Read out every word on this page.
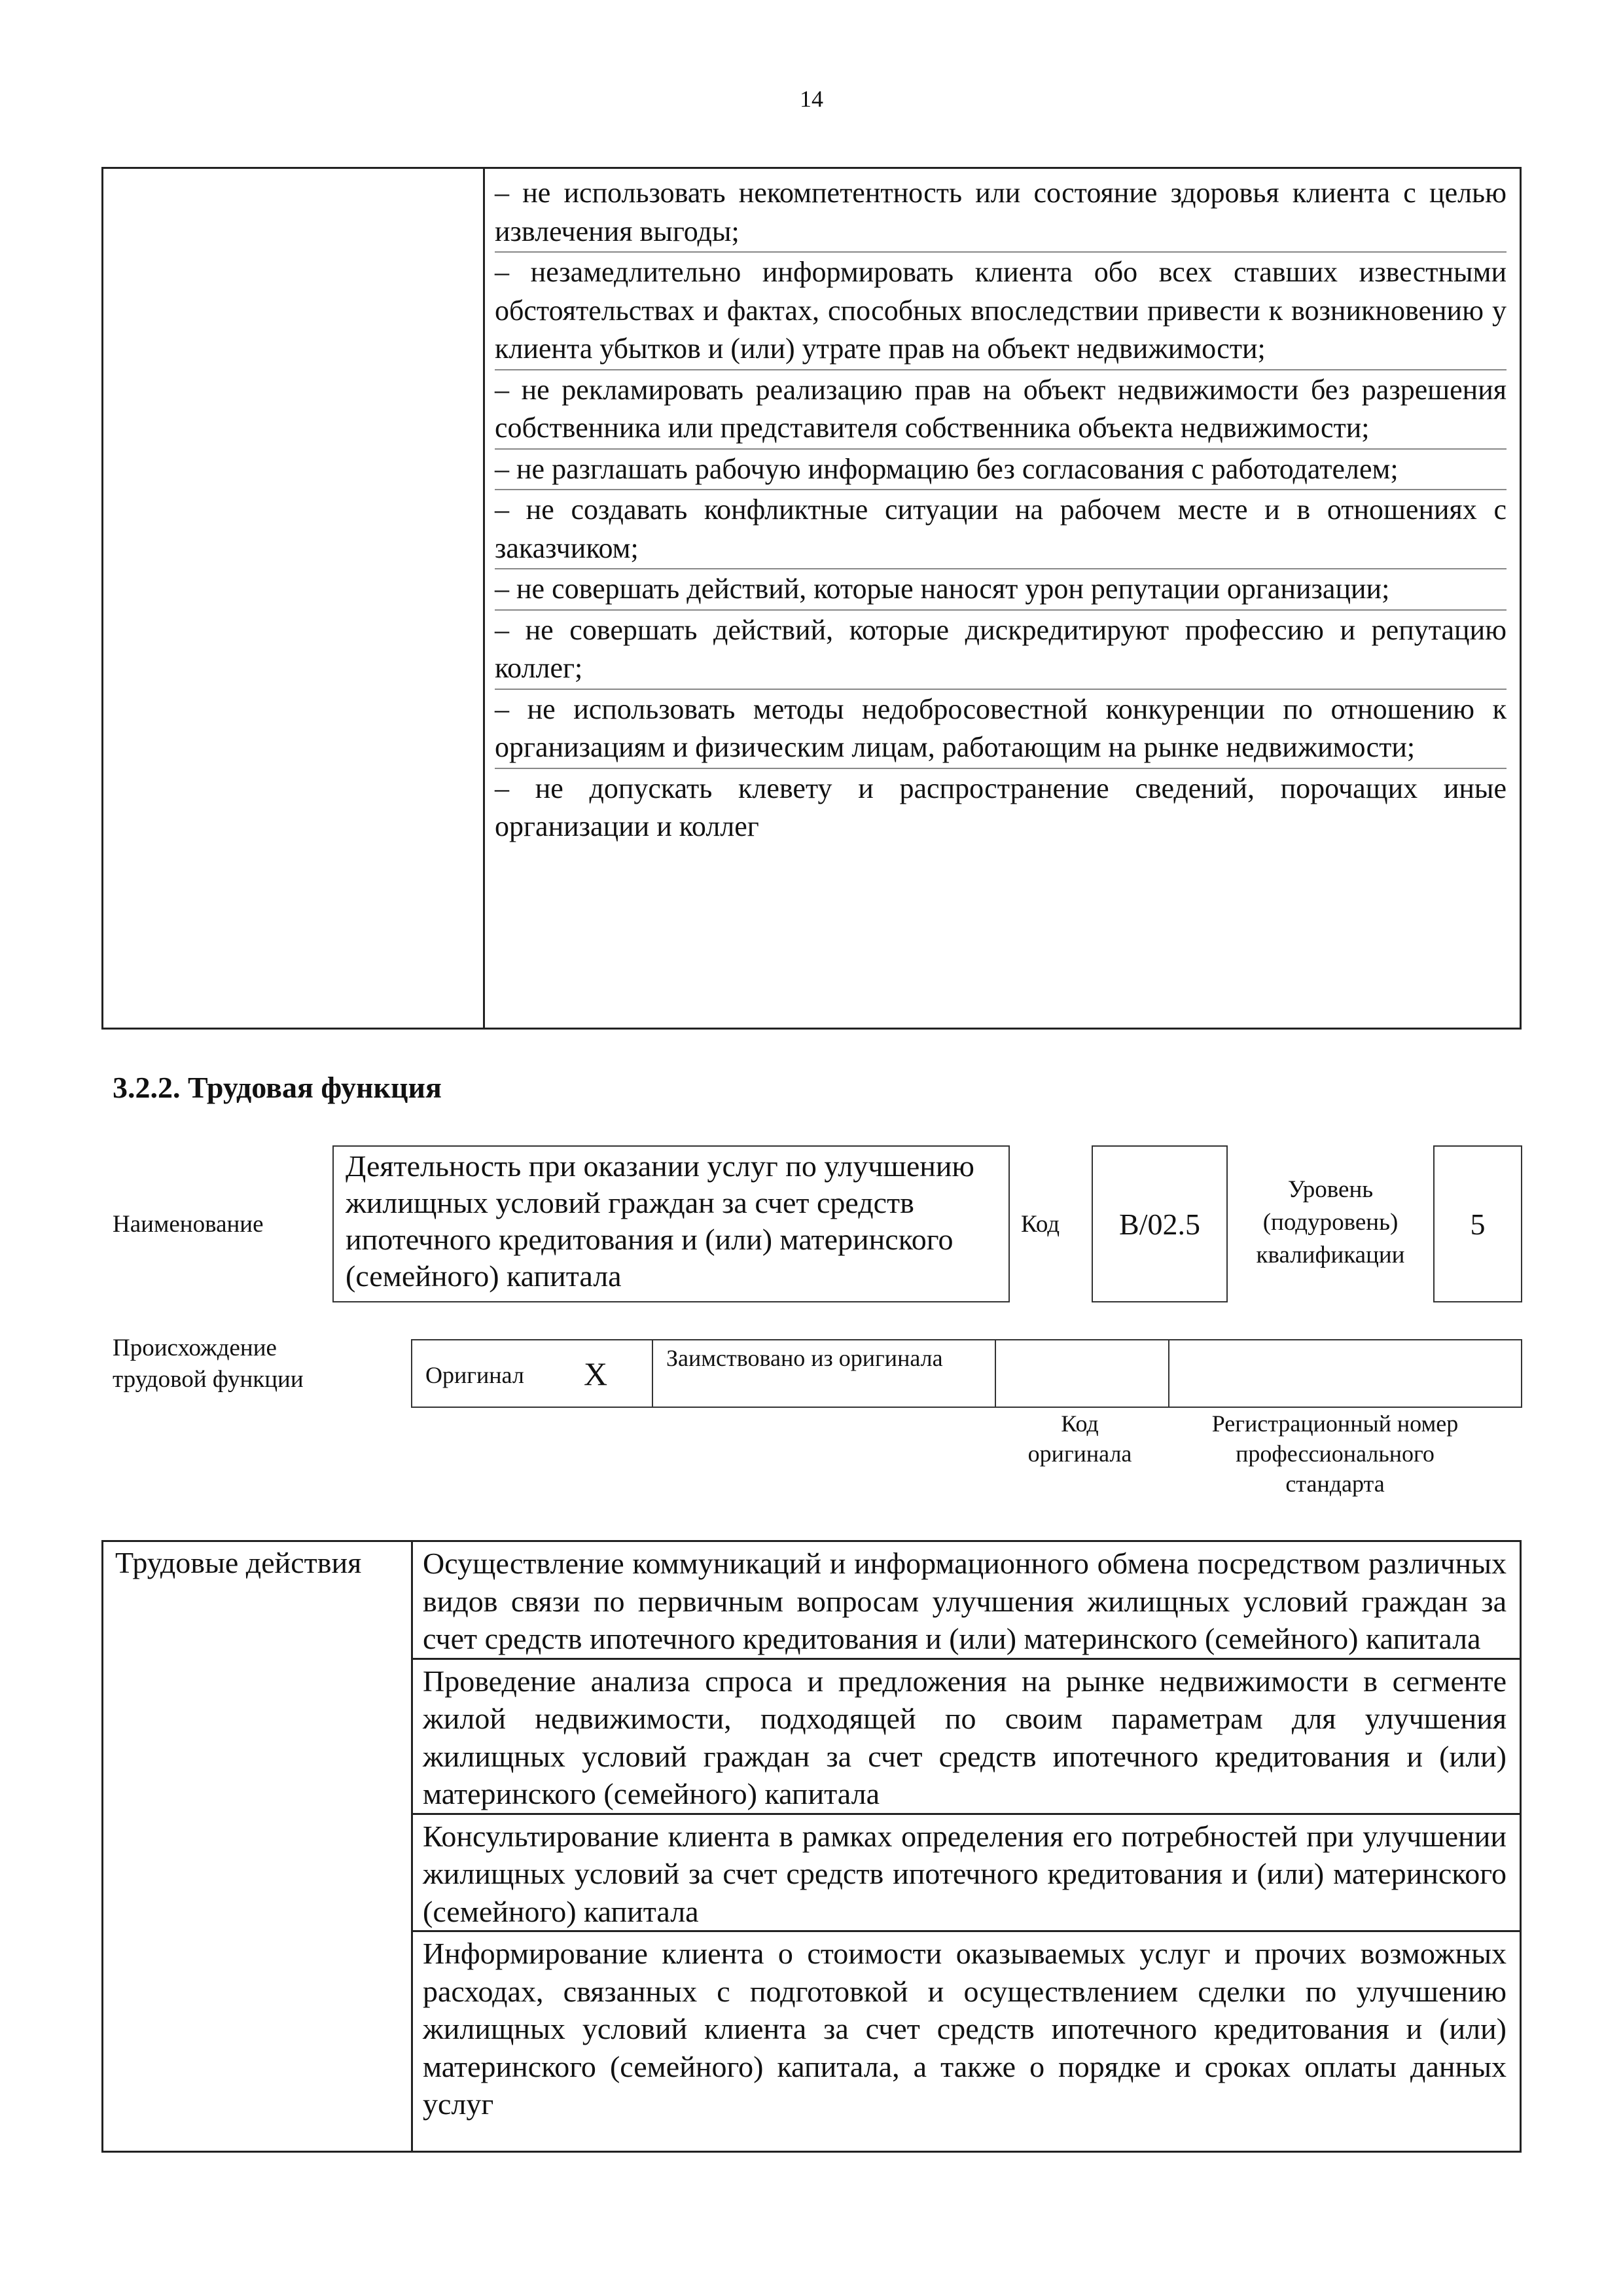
14

– не использовать некомпетентность или состояние здоровья клиента с целью извлечения выгоды;

– незамедлительно информировать клиента обо всех ставших известными обстоятельствах и фактах, способных впоследствии привести к возникновению у клиента убытков и (или) утрате прав на объект недвижимости;

– не рекламировать реализацию прав на объект недвижимости без разрешения собственника или представителя собственника объекта недвижимости;

– не разглашать рабочую информацию без согласования с работодателем;

– не создавать конфликтные ситуации на рабочем месте и в отношениях с заказчиком;

– не совершать действий, которые наносят урон репутации организации;

– не совершать действий, которые дискредитируют профессию и репутацию коллег;

– не использовать методы недобросовестной конкуренции по отношению к организациям и физическим лицам, работающим на рынке недвижимости;

– не допускать клевету и распространение сведений, порочащих иные организации и коллег

3.2.2. Трудовая функция
Наименование
Деятельность при оказании услуг по улучшению жилищных условий граждан за счет средств ипотечного кредитования и (или) материнского (семейного) капитала
Код B/02.5
Уровень (подуровень) квалификации
5
Происхождение трудовой функции	Оригинал X Заимствовано из оригинала
Код оригинала
Регистрационный номер профессионального стандарта
Трудовые действия	Осуществление коммуникаций и информационного обмена посредством различных видов связи по первичным вопросам улучшения жилищных условий граждан за счет средств ипотечного кредитования и (или) материнского (семейного) капитала
Проведение анализа спроса и предложения на рынке недвижимости в сегменте жилой недвижимости, подходящей по своим параметрам для улучшения жилищных условий граждан за счет средств ипотечного кредитования и (или) материнского (семейного) капитала
Консультирование клиента в рамках определения его потребностей при улучшении жилищных условий за счет средств ипотечного кредитования и (или) материнского (семейного) капитала
Информирование клиента о стоимости оказываемых услуг и прочих возможных расходах, связанных с подготовкой и осуществлением сделки по улучшению жилищных условий клиента за счет средств ипотечного кредитования и (или) материнского (семейного) капитала, а также о порядке и сроках оплаты данных услуг
